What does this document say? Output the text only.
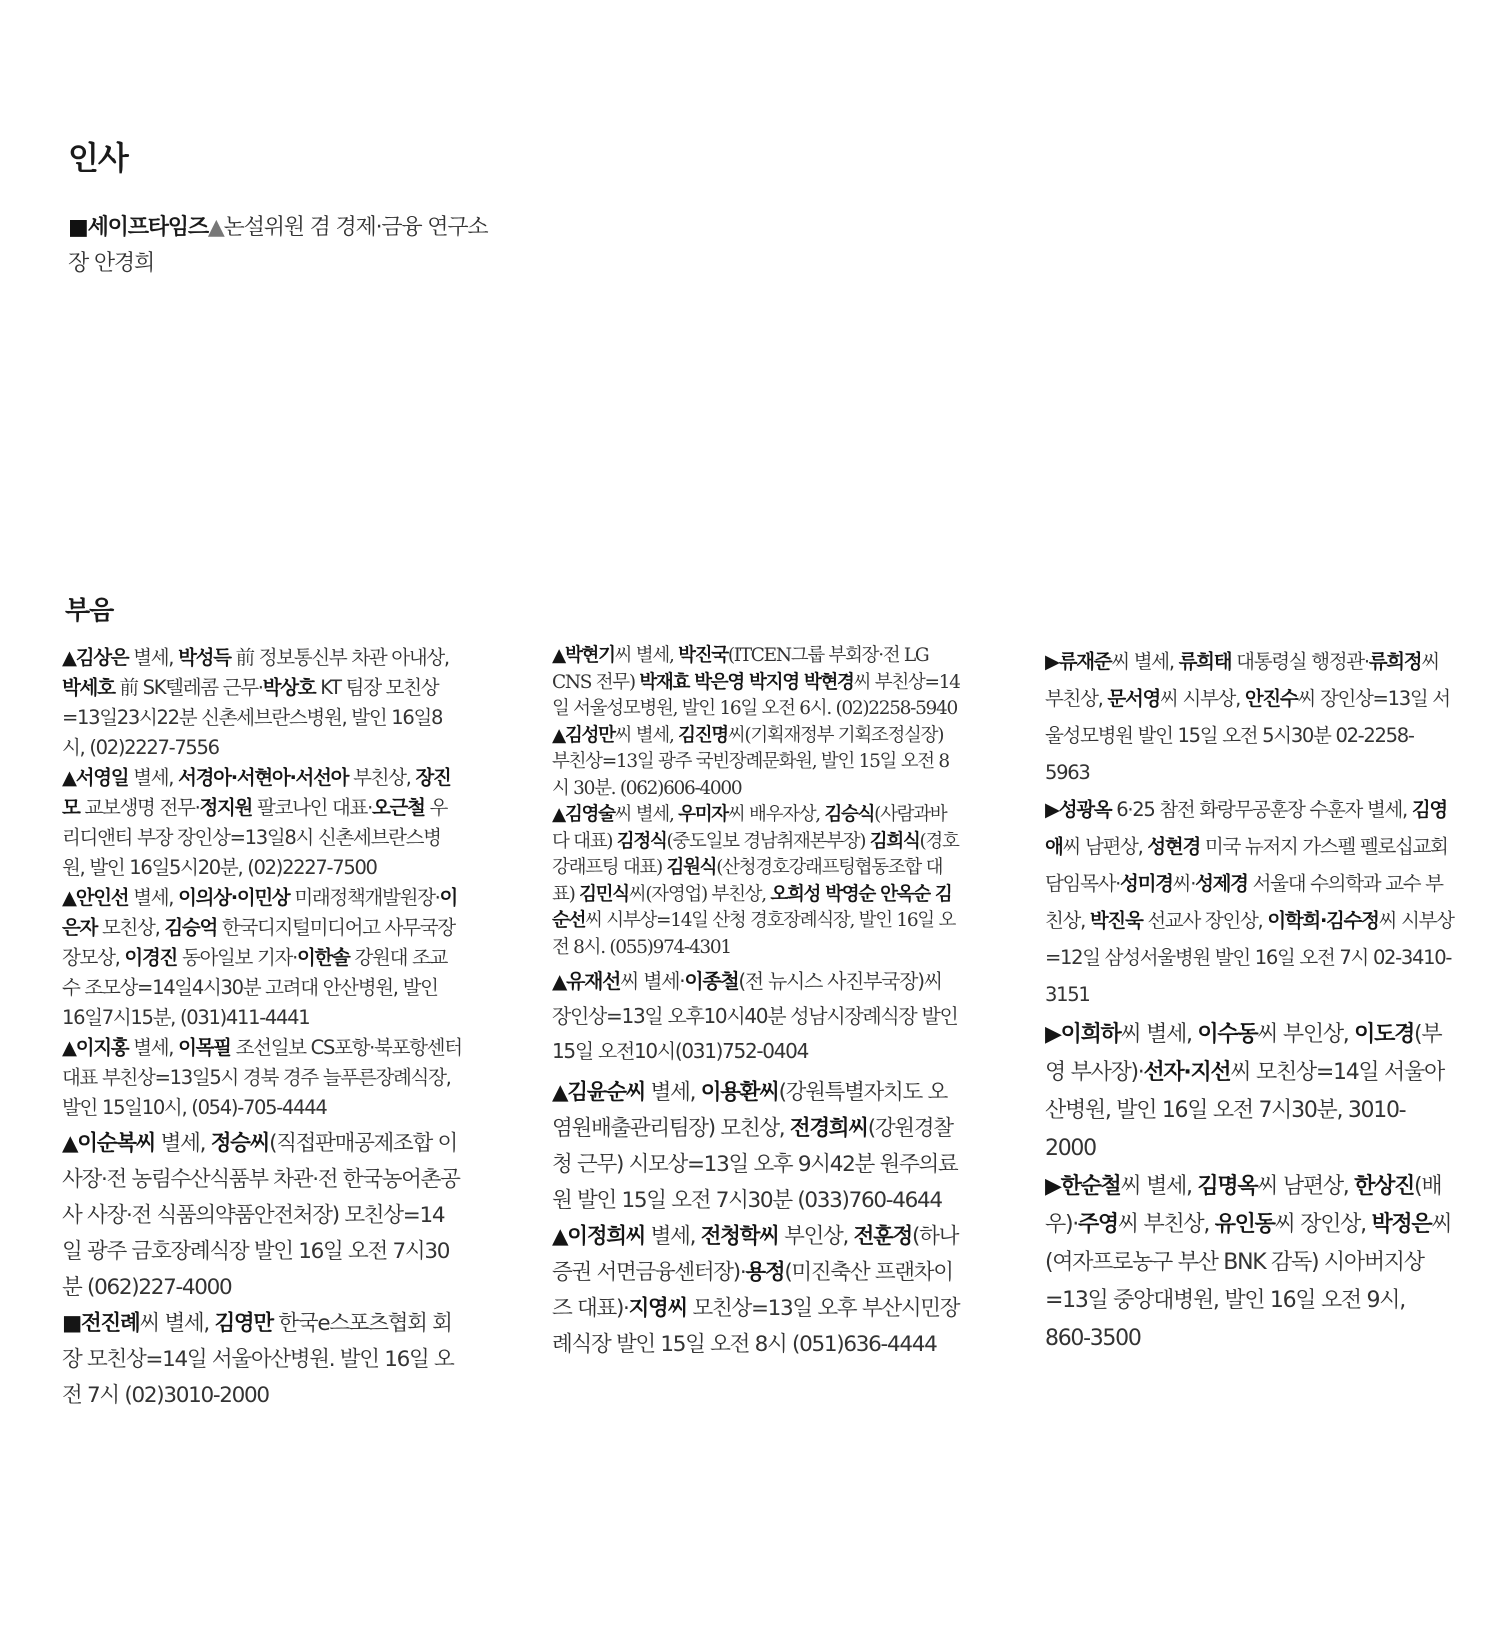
인사
■세이프타임즈▲논설위원 겸 경제·금융 연구소장 안경희
부음

▲김상은 별세, 박성득 前 정보통신부 차관 아내상, 박세호 前 SK텔레콤 근무·박상호 KT 팀장 모친상=13일23시22분 신촌세브란스병원, 발인 16일8시, (02)2227-7556

▲서영일 별세, 서경아·서현아·서선아 부친상, 장진모 교보생명 전무·정지원 팔코나인 대표·오근철 우리디앤티 부장 장인상=13일8시 신촌세브란스병원, 발인 16일5시20분, (02)2227-7500

▲안인선 별세, 이의상·이민상 미래정책개발원장·이은자 모친상, 김승억 한국디지털미디어고 사무국장 장모상, 이경진 동아일보 기자·이한솔 강원대 조교수 조모상=14일4시30분 고려대 안산병원, 발인 16일7시15분, (031)411-4441

▲이지홍 별세, 이목필 조선일보 CS포항·북포항센터 대표 부친상=13일5시 경북 경주 늘푸른장례식장, 발인 15일10시, (054)-705-4444

▲이순복씨 별세, 정승씨(직접판매공제조합 이사장·전 농림수산식품부 차관·전 한국농어촌공사 사장·전 식품의약품안전처장) 모친상=14일 광주 금호장례식장 발인 16일 오전 7시30분 (062)227-4000

■전진례씨 별세, 김영만 한국e스포츠협회 회장 모친상=14일 서울아산병원. 발인 16일 오전 7시 (02)3010-2000

▲박현기씨 별세, 박진국(ITCEN그룹 부회장·전 LG CNS 전무) 박재효 박은영 박지영 박현경씨 부친상=14일 서울성모병원, 발인 16일 오전 6시. (02)2258-5940

▲김성만씨 별세, 김진명씨(기획재정부 기획조정실장) 부친상=13일 광주 국빈장례문화원, 발인 15일 오전 8시 30분. (062)606-4000

▲김영술씨 별세, 우미자씨 배우자상, 김승식(사람과바다 대표) 김정식(중도일보 경남취재본부장) 김희식(경호강래프팅 대표) 김원식(산청경호강래프팅협동조합 대표) 김민식씨(자영업) 부친상, 오희성 박영순 안옥순 김순선씨 시부상=14일 산청 경호장례식장, 발인 16일 오전 8시. (055)974-4301

▲유재선씨 별세·이종철(전 뉴시스 사진부국장)씨 장인상=13일 오후10시40분 성남시장례식장 발인 15일 오전10시(031)752-0404

▲김윤순씨 별세, 이용환씨(강원특별자치도 오염원배출관리팀장) 모친상, 전경희씨(강원경찰청 근무) 시모상=13일 오후 9시42분 원주의료원 발인 15일 오전 7시30분 (033)760-4644

▲이정희씨 별세, 전청학씨 부인상, 전훈정(하나증권 서면금융센터장)·용정(미진축산 프랜차이즈 대표)·지영씨 모친상=13일 오후 부산시민장례식장 발인 15일 오전 8시 (051)636-4444

▶류재준씨 별세, 류희태 대통령실 행정관·류희정씨 부친상, 문서영씨 시부상, 안진수씨 장인상=13일 서울성모병원 발인 15일 오전 5시30분 02-2258-5963

▶성광옥 6·25 참전 화랑무공훈장 수훈자 별세, 김영애씨 남편상, 성현경 미국 뉴저지 가스펠 펠로십교회 담임목사·성미경씨·성제경 서울대 수의학과 교수 부친상, 박진욱 선교사 장인상, 이학희·김수정씨 시부상=12일 삼성서울병원 발인 16일 오전 7시 02-3410-3151

▶이희하씨 별세, 이수동씨 부인상, 이도경(부영 부사장)·선자·지선씨 모친상=14일 서울아산병원, 발인 16일 오전 7시30분, 3010-2000

▶한순철씨 별세, 김명옥씨 남편상, 한상진(배우)·주영씨 부친상, 유인동씨 장인상, 박정은씨(여자프로농구 부산 BNK 감독) 시아버지상=13일 중앙대병원, 발인 16일 오전 9시, 860-3500
